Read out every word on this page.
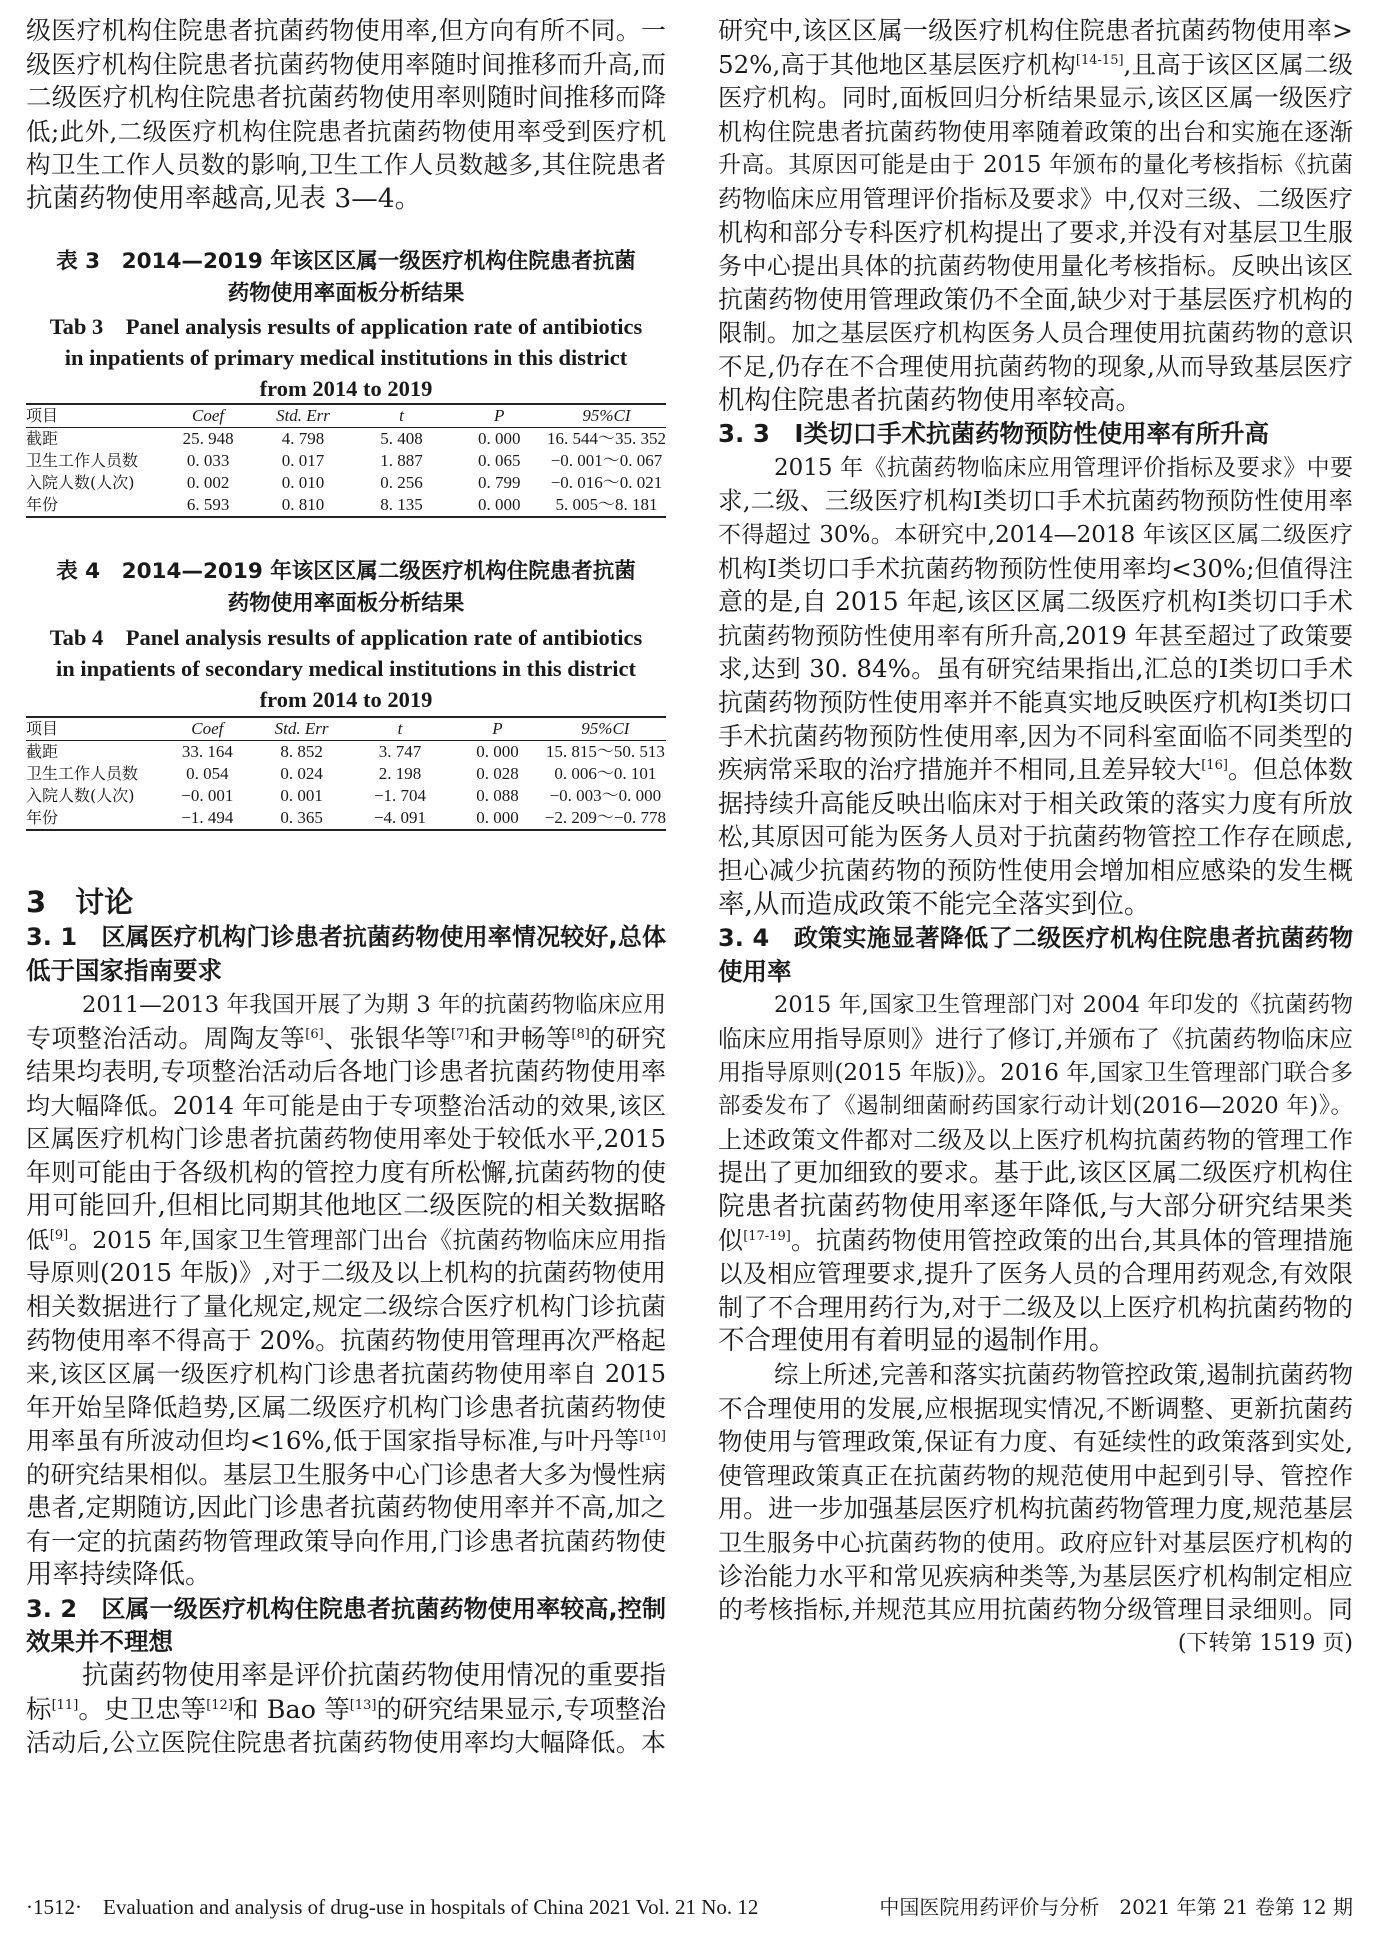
级医疗机构住院患者抗菌药物使用率,但方向有所不同。一
级医疗机构住院患者抗菌药物使用率随时间推移而升高,而
二级医疗机构住院患者抗菌药物使用率则随时间推移而降
低;此外,二级医疗机构住院患者抗菌药物使用率受到医疗机
构卫生工作人员数的影响,卫生工作人员数越多,其住院患者
抗菌药物使用率越高,见表 3—4。
表 3　2014—2019 年该区区属一级医疗机构住院患者抗菌
药物使用率面板分析结果
Tab 3　Panel analysis results of application rate of antibiotics
in inpatients of primary medical institutions in this district
from 2014 to 2019
项目	Coef	Std. Err	t	P	95%CI
截距	25. 948	4. 798	5. 408	0. 000	16. 544～35. 352
卫生工作人员数	0. 033	0. 017	1. 887	0. 065	−0. 001～0. 067
入院人数(人次)	0. 002	0. 010	0. 256	0. 799	−0. 016～0. 021
年份	6. 593	0. 810	8. 135	0. 000	5. 005～8. 181
表 4　2014—2019 年该区区属二级医疗机构住院患者抗菌
药物使用率面板分析结果
Tab 4　Panel analysis results of application rate of antibiotics
in inpatients of secondary medical institutions in this district
from 2014 to 2019
项目	Coef	Std. Err	t	P	95%CI
截距	33. 164	8. 852	3. 747	0. 000	15. 815～50. 513
卫生工作人员数	0. 054	0. 024	2. 198	0. 028	0. 006～0. 101
入院人数(人次)	−0. 001	0. 001	−1. 704	0. 088	−0. 003～0. 000
年份	−1. 494	0. 365	−4. 091	0. 000	−2. 209～−0. 778
3　讨论
3. 1　区属医疗机构门诊患者抗菌药物使用率情况较好,总体
低于国家指南要求
2011—2013 年我国开展了为期 3 年的抗菌药物临床应用
专项整治活动。周陶友等[6]、张银华等[7]和尹畅等[8]的研究
结果均表明,专项整治活动后各地门诊患者抗菌药物使用率
均大幅降低。2014 年可能是由于专项整治活动的效果,该区
区属医疗机构门诊患者抗菌药物使用率处于较低水平,2015
年则可能由于各级机构的管控力度有所松懈,抗菌药物的使
用可能回升,但相比同期其他地区二级医院的相关数据略
低[9]。2015 年,国家卫生管理部门出台《抗菌药物临床应用指
导原则(2015 年版)》,对于二级及以上机构的抗菌药物使用
相关数据进行了量化规定,规定二级综合医疗机构门诊抗菌
药物使用率不得高于 20%。抗菌药物使用管理再次严格起
来,该区区属一级医疗机构门诊患者抗菌药物使用率自 2015
年开始呈降低趋势,区属二级医疗机构门诊患者抗菌药物使
用率虽有所波动但均<16%,低于国家指导标准,与叶丹等[10]
的研究结果相似。基层卫生服务中心门诊患者大多为慢性病
患者,定期随访,因此门诊患者抗菌药物使用率并不高,加之
有一定的抗菌药物管理政策导向作用,门诊患者抗菌药物使
用率持续降低。
3. 2　区属一级医疗机构住院患者抗菌药物使用率较高,控制
效果并不理想
抗菌药物使用率是评价抗菌药物使用情况的重要指
标[11]。史卫忠等[12]和 Bao 等[13]的研究结果显示,专项整治
活动后,公立医院住院患者抗菌药物使用率均大幅降低。本
研究中,该区区属一级医疗机构住院患者抗菌药物使用率>
52%,高于其他地区基层医疗机构[14-15],且高于该区区属二级
医疗机构。同时,面板回归分析结果显示,该区区属一级医疗
机构住院患者抗菌药物使用率随着政策的出台和实施在逐渐
升高。其原因可能是由于 2015 年颁布的量化考核指标《抗菌
药物临床应用管理评价指标及要求》中,仅对三级、二级医疗
机构和部分专科医疗机构提出了要求,并没有对基层卫生服
务中心提出具体的抗菌药物使用量化考核指标。反映出该区
抗菌药物使用管理政策仍不全面,缺少对于基层医疗机构的
限制。加之基层医疗机构医务人员合理使用抗菌药物的意识
不足,仍存在不合理使用抗菌药物的现象,从而导致基层医疗
机构住院患者抗菌药物使用率较高。
3. 3　Ⅰ类切口手术抗菌药物预防性使用率有所升高
2015 年《抗菌药物临床应用管理评价指标及要求》中要
求,二级、三级医疗机构Ⅰ类切口手术抗菌药物预防性使用率
不得超过 30%。本研究中,2014—2018 年该区区属二级医疗
机构Ⅰ类切口手术抗菌药物预防性使用率均<30%;但值得注
意的是,自 2015 年起,该区区属二级医疗机构Ⅰ类切口手术
抗菌药物预防性使用率有所升高,2019 年甚至超过了政策要
求,达到 30. 84%。虽有研究结果指出,汇总的Ⅰ类切口手术
抗菌药物预防性使用率并不能真实地反映医疗机构Ⅰ类切口
手术抗菌药物预防性使用率,因为不同科室面临不同类型的
疾病常采取的治疗措施并不相同,且差异较大[16]。但总体数
据持续升高能反映出临床对于相关政策的落实力度有所放
松,其原因可能为医务人员对于抗菌药物管控工作存在顾虑,
担心减少抗菌药物的预防性使用会增加相应感染的发生概
率,从而造成政策不能完全落实到位。
3. 4　政策实施显著降低了二级医疗机构住院患者抗菌药物
使用率
2015 年,国家卫生管理部门对 2004 年印发的《抗菌药物
临床应用指导原则》进行了修订,并颁布了《抗菌药物临床应
用指导原则(2015 年版)》。2016 年,国家卫生管理部门联合多
部委发布了《遏制细菌耐药国家行动计划(2016—2020 年)》。
上述政策文件都对二级及以上医疗机构抗菌药物的管理工作
提出了更加细致的要求。基于此,该区区属二级医疗机构住
院患者抗菌药物使用率逐年降低,与大部分研究结果类
似[17-19]。抗菌药物使用管控政策的出台,其具体的管理措施
以及相应管理要求,提升了医务人员的合理用药观念,有效限
制了不合理用药行为,对于二级及以上医疗机构抗菌药物的
不合理使用有着明显的遏制作用。
综上所述,完善和落实抗菌药物管控政策,遏制抗菌药物
不合理使用的发展,应根据现实情况,不断调整、更新抗菌药
物使用与管理政策,保证有力度、有延续性的政策落到实处,
使管理政策真正在抗菌药物的规范使用中起到引导、管控作
用。进一步加强基层医疗机构抗菌药物管理力度,规范基层
卫生服务中心抗菌药物的使用。政府应针对基层医疗机构的
诊治能力水平和常见疾病种类等,为基层医疗机构制定相应
的考核指标,并规范其应用抗菌药物分级管理目录细则。同
(下转第 1519 页)
·1512·　Evaluation and analysis of drug-use in hospitals of China 2021 Vol. 21 No. 12	中国医院用药评价与分析　2021 年第 21 卷第 12 期
